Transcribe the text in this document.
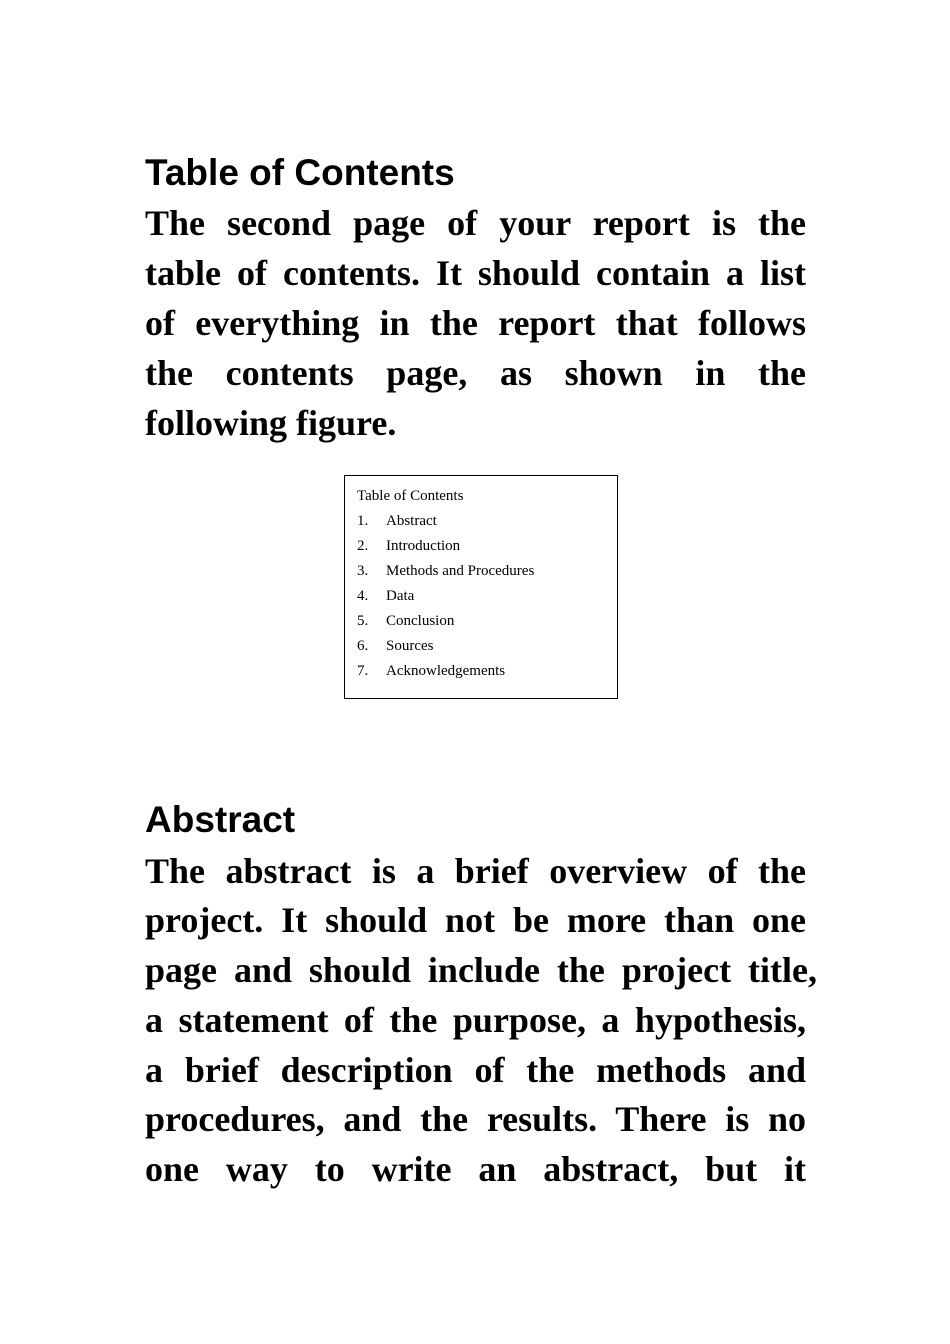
Table of Contents

The second page of your report is the

table of contents. It should contain a list

of everything in the report that follows

the contents page, as shown in the

following figure.

Table of Contents
1.	Abstract
2.	Introduction
3.	Methods and Procedures
4.	Data
5.	Conclusion
6.	Sources
7.	Acknowledgements
Abstract

The abstract is a brief overview of the

project. It should not be more than one

page and should include the project title,

a statement of the purpose, a hypothesis,

a brief description of the methods and

procedures, and the results. There is no

one way to write an abstract, but it
